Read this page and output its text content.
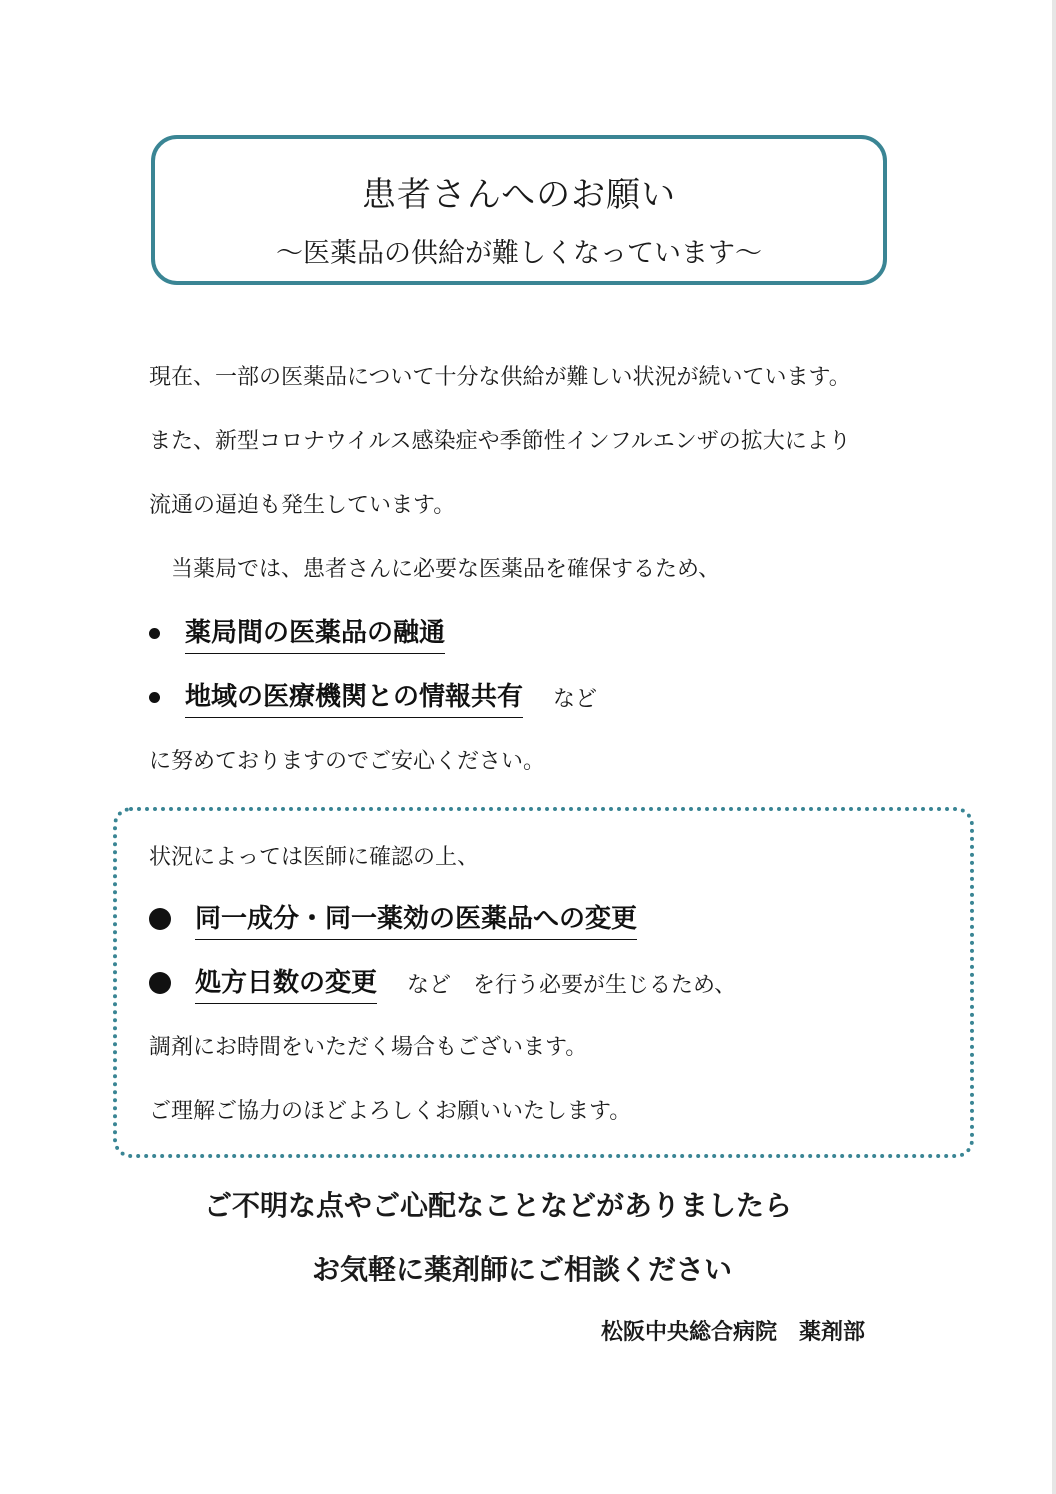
患者さんへのお願い
～医薬品の供給が難しくなっています～
現在、一部の医薬品について十分な供給が難しい状況が続いています。
また、新型コロナウイルス感染症や季節性インフルエンザの拡大により
流通の逼迫も発生しています。
　当薬局では、患者さんに必要な医薬品を確保するため、
薬局間の医薬品の融通
地域の医療機関との情報共有 など
に努めておりますのでご安心ください。
状況によっては医師に確認の上、
同一成分・同一薬効の医薬品への変更
処方日数の変更 など　を行う必要が生じるため、
調剤にお時間をいただく場合もございます。
ご理解ご協力のほどよろしくお願いいたします。
ご不明な点やご心配なことなどがありましたら
お気軽に薬剤師にご相談ください
松阪中央総合病院　薬剤部
